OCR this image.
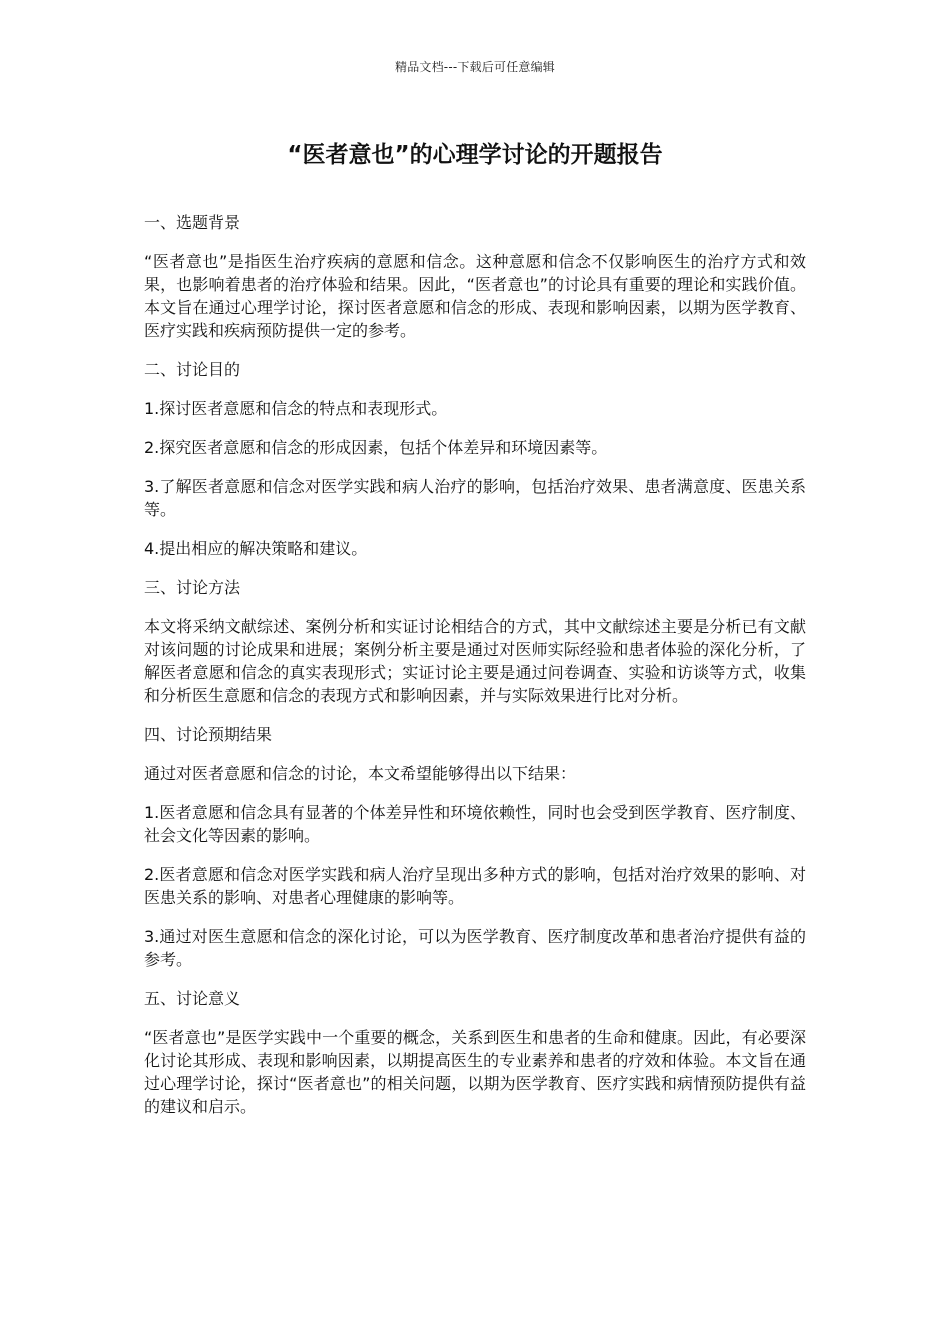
精品文档---下载后可任意编辑
“医者意也”的心理学讨论的开题报告
一、选题背景

“医者意也”是指医生治疗疾病的意愿和信念。这种意愿和信念不仅影响医生的治疗方式和效果，也影响着患者的治疗体验和结果。因此，“医者意也”的讨论具有重要的理论和实践价值。本文旨在通过心理学讨论，探讨医者意愿和信念的形成、表现和影响因素，以期为医学教育、医疗实践和疾病预防提供一定的参考。

二、讨论目的

1.探讨医者意愿和信念的特点和表现形式。

2.探究医者意愿和信念的形成因素，包括个体差异和环境因素等。

3.了解医者意愿和信念对医学实践和病人治疗的影响，包括治疗效果、患者满意度、医患关系等。

4.提出相应的解决策略和建议。

三、讨论方法

本文将采纳文献综述、案例分析和实证讨论相结合的方式，其中文献综述主要是分析已有文献对该问题的讨论成果和进展；案例分析主要是通过对医师实际经验和患者体验的深化分析，了解医者意愿和信念的真实表现形式；实证讨论主要是通过问卷调查、实验和访谈等方式，收集和分析医生意愿和信念的表现方式和影响因素，并与实际效果进行比对分析。

四、讨论预期结果

通过对医者意愿和信念的讨论，本文希望能够得出以下结果：

1.医者意愿和信念具有显著的个体差异性和环境依赖性，同时也会受到医学教育、医疗制度、社会文化等因素的影响。

2.医者意愿和信念对医学实践和病人治疗呈现出多种方式的影响，包括对治疗效果的影响、对医患关系的影响、对患者心理健康的影响等。

3.通过对医生意愿和信念的深化讨论，可以为医学教育、医疗制度改革和患者治疗提供有益的参考。

五、讨论意义

“医者意也”是医学实践中一个重要的概念，关系到医生和患者的生命和健康。因此，有必要深化讨论其形成、表现和影响因素，以期提高医生的专业素养和患者的疗效和体验。本文旨在通过心理学讨论，探讨“医者意也”的相关问题，以期为医学教育、医疗实践和病情预防提供有益的建议和启示。
